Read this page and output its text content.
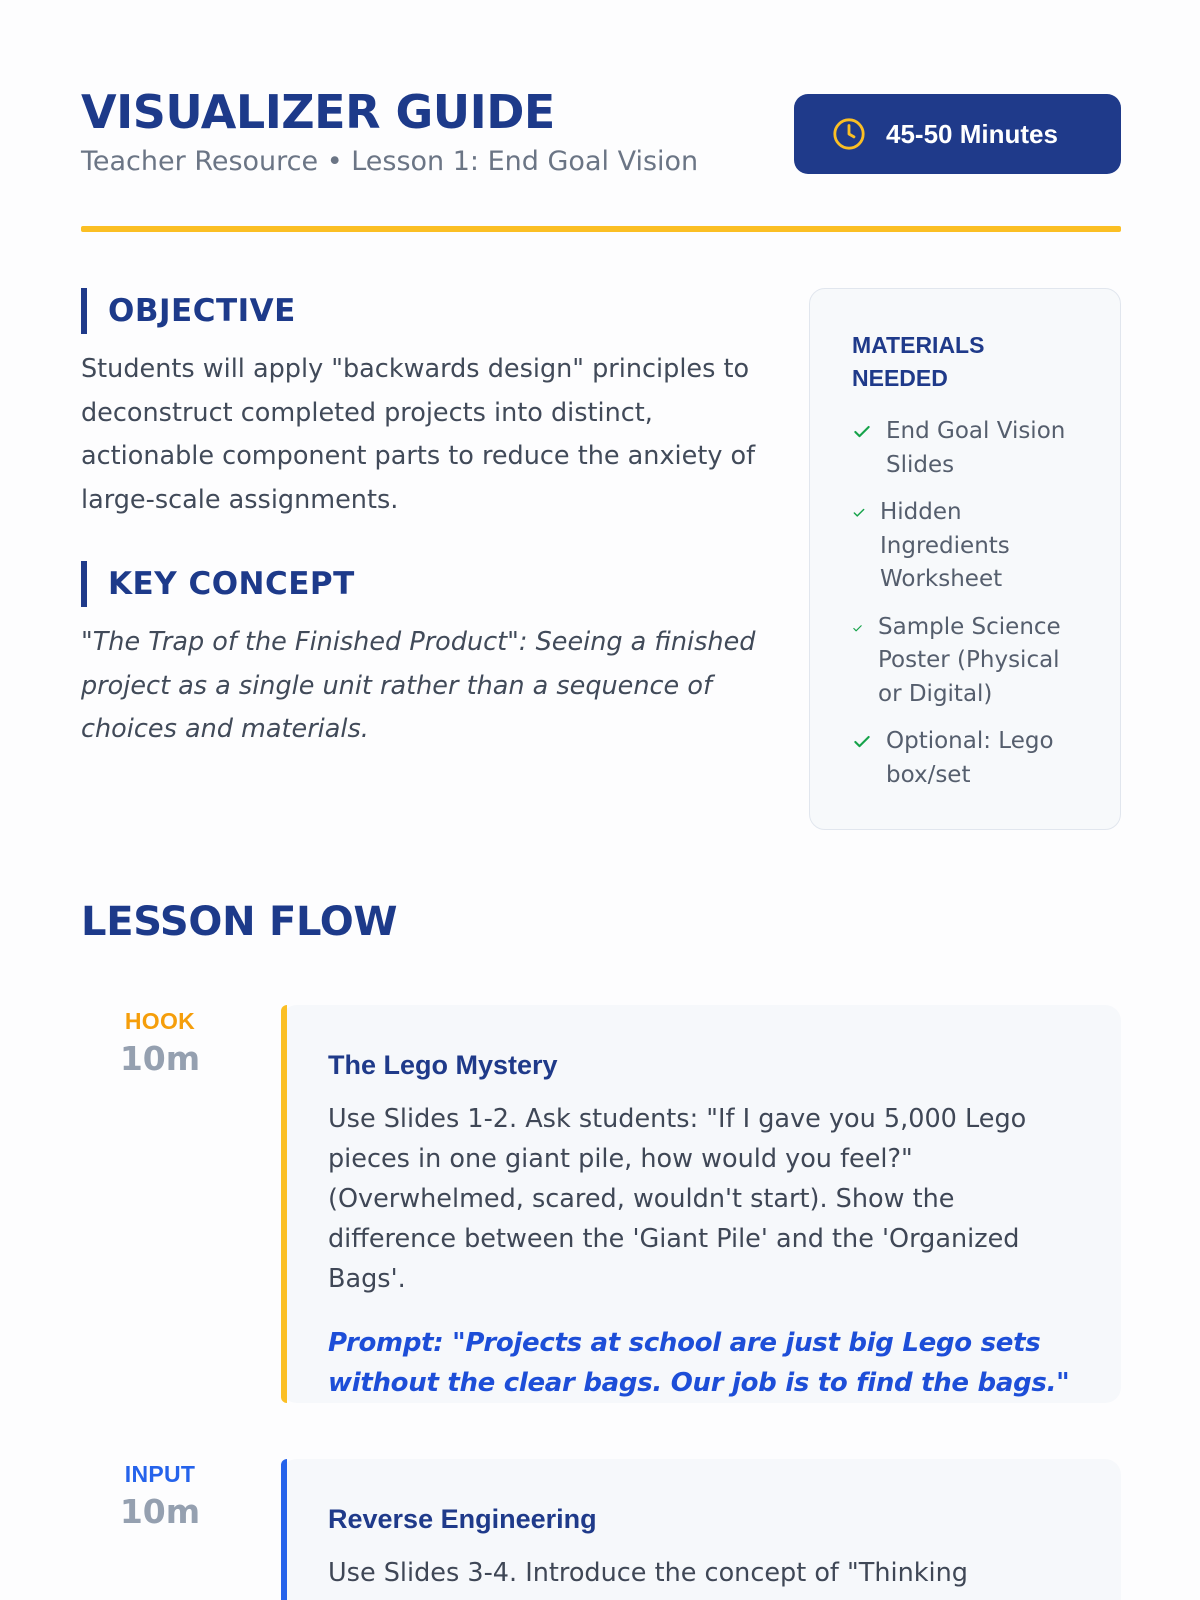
VISUALIZER GUIDE

Teacher Resource • Lesson 1: End Goal Vision

45-50 Minutes
OBJECTIVE

Students will apply "backwards design" principles to deconstruct completed projects into distinct, actionable component parts to reduce the anxiety of large-scale assignments.

KEY CONCEPT

"The Trap of the Finished Product": Seeing a finished project as a single unit rather than a sequence of choices and materials.

MATERIALS NEEDED
End Goal Vision Slides
Hidden Ingredients Worksheet
Sample Science Poster (Physical or Digital)
Optional: Lego box/set
LESSON FLOW
HOOK
10m	The Lego Mystery

Use Slides 1-2. Ask students: "If I gave you 5,000 Lego pieces in one giant pile, how would you feel?" (Overwhelmed, scared, wouldn't start). Show the difference between the 'Giant Pile' and the 'Organized Bags'.

Prompt: "Projects at school are just big Lego sets without the clear bags. Our job is to find the bags."

INPUT
10m	Reverse Engineering

Use Slides 3-4. Introduce the concept of "Thinking
